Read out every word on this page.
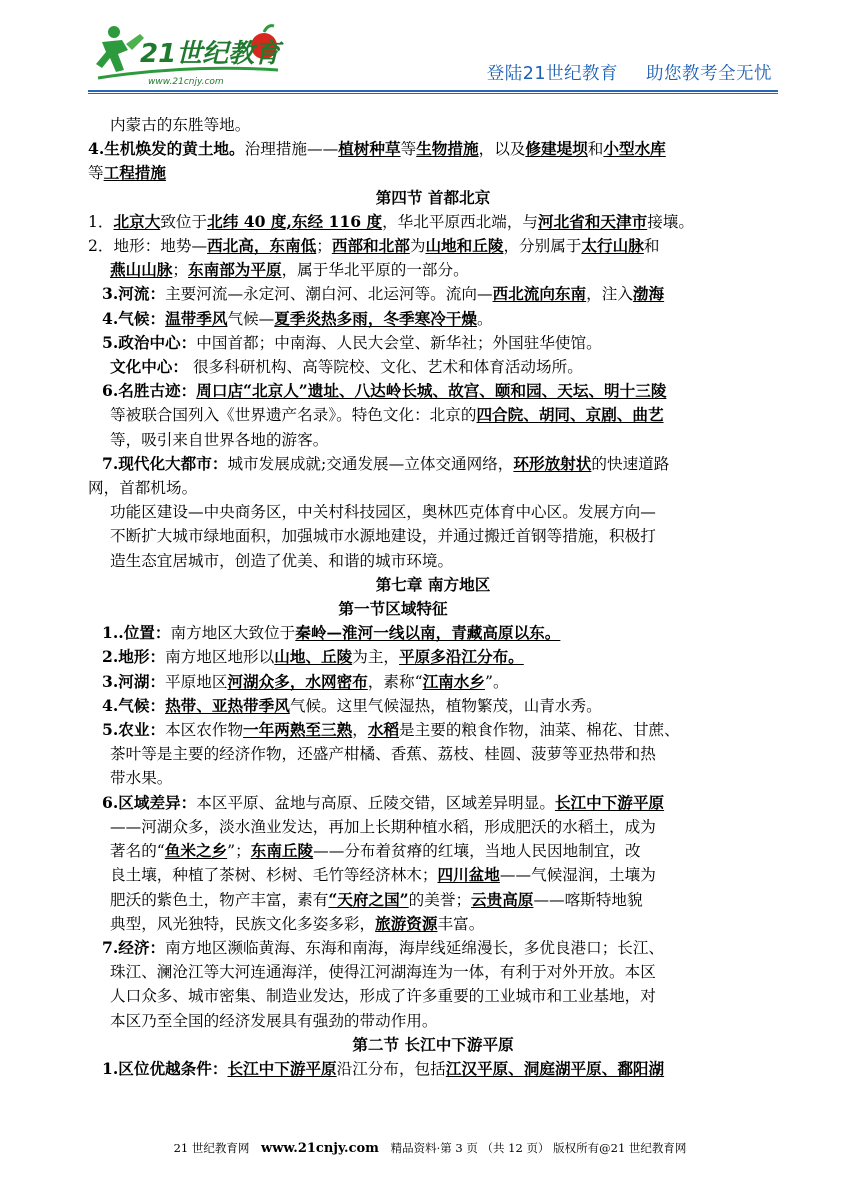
21世纪教育
www.21cnjy.com	登陆21世纪教育 助您教考全无忧

内蒙古的东胜等地。

4.生机焕发的黄土地。治理措施——植树种草等生物措施，以及修建堤坝和小型水库

等工程措施

第四节 首都北京

1．北京大致位于北纬 40 度,东经 116 度，华北平原西北端，与河北省和天津市接壤。

2．地形：地势—西北高，东南低；西部和北部为山地和丘陵，分别属于太行山脉和

燕山山脉；东南部为平原，属于华北平原的一部分。

3.河流：主要河流—永定河、潮白河、北运河等。流向—西北流向东南，注入渤海

4.气候：温带季风气候—夏季炎热多雨，冬季寒冷干燥。

5.政治中心：中国首都；中南海、人民大会堂、新华社；外国驻华使馆。

文化中心： 很多科研机构、高等院校、文化、艺术和体育活动场所。

6.名胜古迹：周口店“北京人”遗址、八达岭长城、故宫、颐和园、天坛、明十三陵

等被联合国列入《世界遗产名录》。特色文化：北京的四合院、胡同、京剧、曲艺

等，吸引来自世界各地的游客。

7.现代化大都市：城市发展成就;交通发展—立体交通网络，环形放射状的快速道路

网，首都机场。

功能区建设—中央商务区，中关村科技园区，奥林匹克体育中心区。发展方向—

不断扩大城市绿地面积，加强城市水源地建设，并通过搬迁首钢等措施，积极打

造生态宜居城市，创造了优美、和谐的城市环境。

第七章 南方地区

第一节区域特征

1..位置：南方地区大致位于秦岭—淮河一线以南，青藏高原以东。

2.地形：南方地区地形以山地、丘陵为主，平原多沿江分布。

3.河湖：平原地区河湖众多，水网密布，素称“江南水乡”。

4.气候：热带、亚热带季风气候。这里气候湿热，植物繁茂，山青水秀。

5.农业：本区农作物一年两熟至三熟，水稻是主要的粮食作物，油菜、棉花、甘蔗、

茶叶等是主要的经济作物，还盛产柑橘、香蕉、荔枝、桂圆、菠萝等亚热带和热

带水果。

6.区域差异：本区平原、盆地与高原、丘陵交错，区域差异明显。长江中下游平原

——河湖众多，淡水渔业发达，再加上长期种植水稻，形成肥沃的水稻土，成为

著名的“鱼米之乡”；东南丘陵——分布着贫瘠的红壤，当地人民因地制宜，改

良土壤，种植了茶树、杉树、毛竹等经济林木；四川盆地——气候湿润，土壤为

肥沃的紫色土，物产丰富，素有“天府之国”的美誉；云贵高原——喀斯特地貌

典型，风光独特，民族文化多姿多彩，旅游资源丰富。

7.经济：南方地区濒临黄海、东海和南海，海岸线延绵漫长，多优良港口；长江、

珠江、澜沧江等大河连通海洋，使得江河湖海连为一体，有利于对外开放。本区

人口众多、城市密集、制造业发达，形成了许多重要的工业城市和工业基地，对

本区乃至全国的经济发展具有强劲的带动作用。

第二节 长江中下游平原

1.区位优越条件：长江中下游平原沿江分布，包括江汉平原、洞庭湖平原、鄱阳湖

21 世纪教育网 www.21cnjy.com 精品资料·第 3 页 （共 12 页） 版权所有@21 世纪教育网
